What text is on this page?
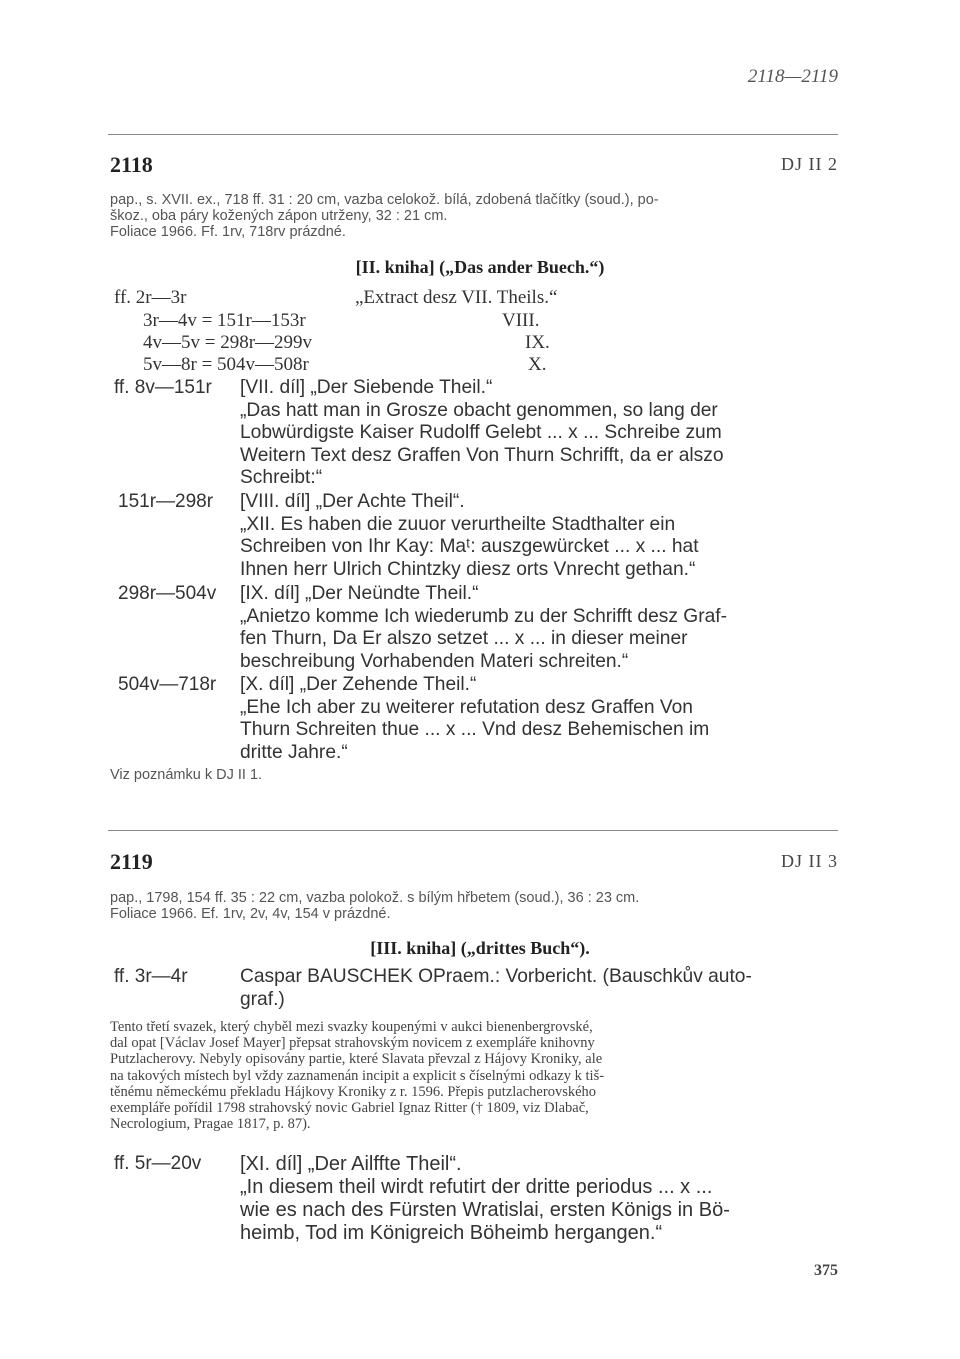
2118—2119
2118	DJ II 2
pap., s. XVII. ex., 718 ff. 31 : 20 cm, vazba celokož. bílá, zdobená tlačítky (soud.), po-
škoz., oba páry kožených zápon utrženy, 32 : 21 cm.
Foliace 1966. Ff. 1rv, 718rv prázdné.
[II. kniha] („Das ander Buech.“)
ff. 2r—3r	„Extract desz VII. Theils.“
3r—4v = 151r—153r	VIII.
4v—5v = 298r—299v	IX.
5v—8r = 504v—508r	X.
ff. 8v—151r [VII. díl] „Der Siebende Theil.“
„Das hatt man in Grosze obacht genommen, so lang der
Lobwürdigste Kaiser Rudolff Gelebt ... x ... Schreibe zum
Weitern Text desz Graffen Von Thurn Schrifft, da er alszo
Schreibt:“
151r—298r [VIII. díl] „Der Achte Theil“.
„XII. Es haben die zuuor verurtheilte Stadthalter ein
Schreiben von Ihr Kay: Maᵗ: auszgewürcket ... x ... hat
Ihnen herr Ulrich Chintzky diesz orts Vnrecht gethan.“
298r—504v [IX. díl] „Der Neündte Theil.“
„Anietzo komme Ich wiederumb zu der Schrifft desz Graf-
fen Thurn, Da Er alszo setzet ... x ... in dieser meiner
beschreibung Vorhabenden Materi schreiten.“
504v—718r [X. díl] „Der Zehende Theil.“
„Ehe Ich aber zu weiterer refutation desz Graffen Von
Thurn Schreiten thue ... x ... Vnd desz Behemischen im
dritte Jahre.“
Viz poznámku k DJ II 1.
2119	DJ II 3
pap., 1798, 154 ff. 35 : 22 cm, vazba polokož. s bílým hřbetem (soud.), 36 : 23 cm.
Foliace 1966. Ef. 1rv, 2v, 4v, 154 v prázdné.
[III. kniha] („drittes Buch“).
ff. 3r—4r	Caspar BAUSCHEK OPraem.: Vorbericht. (Bauschkův auto-
graf.)
Tento třetí svazek, který chyběl mezi svazky koupenými v aukci bienenbergrovské,
dal opat [Václav Josef Mayer] přepsat strahovským novicem z exempláře knihovny
Putzlacherovy. Nebyly opisovány partie, které Slavata převzal z Hájovy Kroniky, ale
na takových místech byl vždy zaznamenán incipit a explicit s číselnými odkazy k tiš-
těnému německému překladu Hájkovy Kroniky z r. 1596. Přepis putzlacherovského
exempláře pořídil 1798 strahovský novic Gabriel Ignaz Ritter († 1809, viz Dlabač,
Necrologium, Pragae 1817, p. 87).
ff. 5r—20v [XI. díl] „Der Ailffte Theil“.
„In diesem theil wirdt refutirt der dritte periodus ... x ...
wie es nach des Fürsten Wratislai, ersten Königs in Bö-
heimb, Tod im Königreich Böheimb hergangen.“
375
